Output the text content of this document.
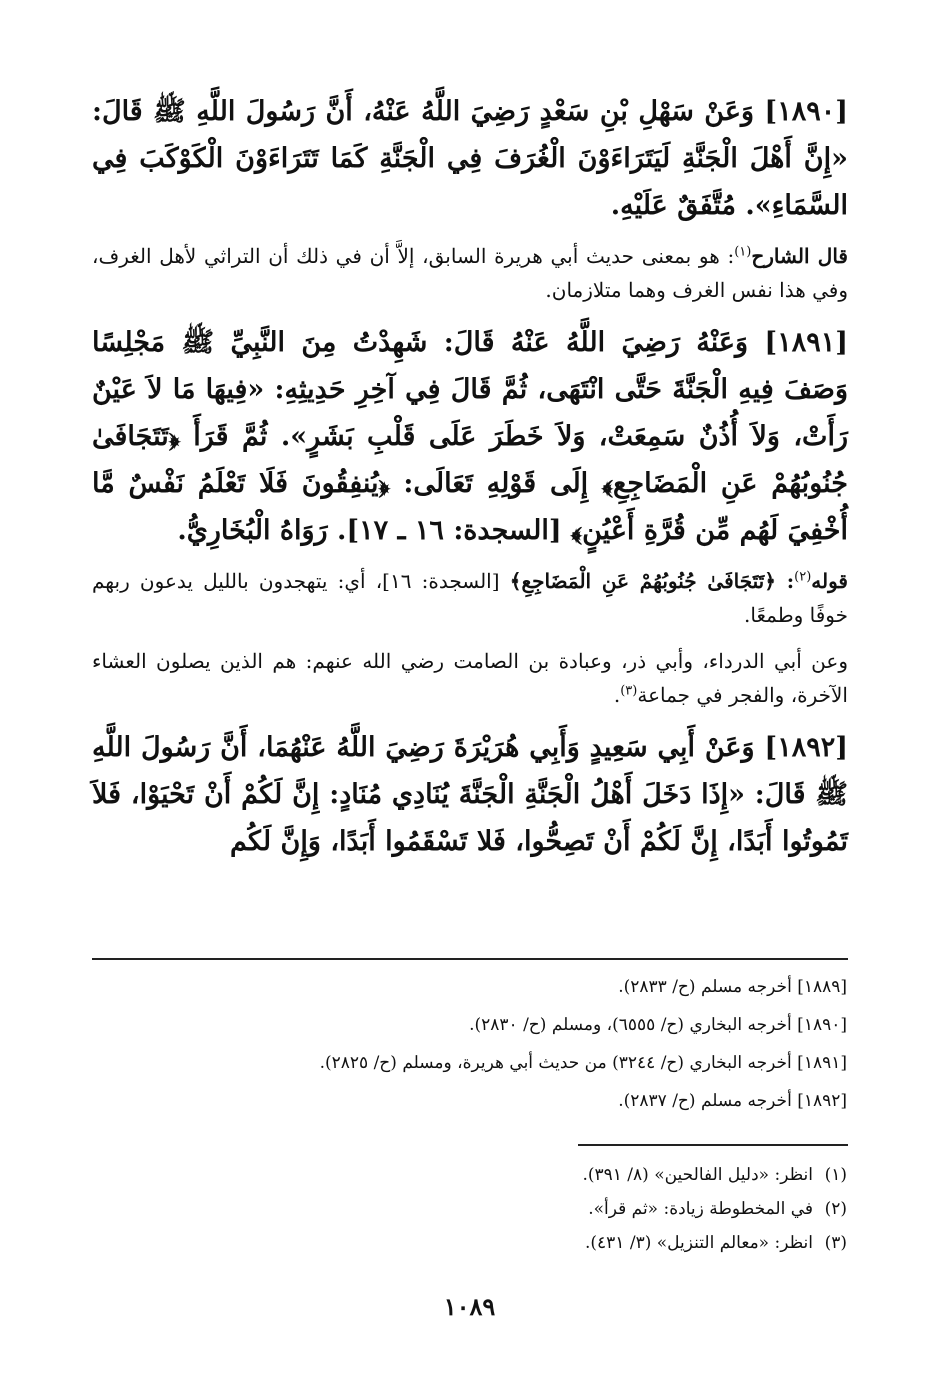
[١٨٩٠] وَعَنْ سَهْلِ بْنِ سَعْدٍ رَضِيَ اللَّهُ عَنْهُ، أَنَّ رَسُولَ اللَّهِ ﷺ قَالَ: «إِنَّ أَهْلَ الْجَنَّةِ لَيَتَرَاءَوْنَ الْغُرَفَ فِي الْجَنَّةِ كَمَا تَتَرَاءَوْنَ الْكَوْكَبَ فِي السَّمَاءِ». مُتَّفَقٌ عَلَيْهِ.

قال الشارح$^{(١)}$: هو بمعنى حديث أبي هريرة السابق، إلاَّ أن في ذلك أن التراثي لأهل الغرف، وفي هذا نفس الغرف وهما متلازمان.

[١٨٩١] وَعَنْهُ رَضِيَ اللَّهُ عَنْهُ قَالَ: شَهِدْتُ مِنَ النَّبِيِّ ﷺ مَجْلِسًا وَصَفَ فِيهِ الْجَنَّةَ حَتَّى انْتَهَى، ثُمَّ قَالَ فِي آخِرِ حَدِيثِهِ: «فِيهَا مَا لاَ عَيْنٌ رَأَتْ، وَلاَ أُذُنٌ سَمِعَتْ، وَلاَ خَطَرَ عَلَى قَلْبِ بَشَرٍ». ثُمَّ قَرَأَ ﴿تَتَجَافَىٰ جُنُوبُهُمْ عَنِ الْمَضَاجِعِ﴾ إِلَى قَوْلِهِ تَعَالَى: ﴿يُنفِقُونَ فَلَا تَعْلَمُ نَفْسٌ مَّا أُخْفِيَ لَهُم مِّن قُرَّةِ أَعْيُنٍ﴾ [السجدة: ١٦ ـ ١٧]. رَوَاهُ الْبُخَارِيُّ.

قوله$^{(٢)}$: ﴿تَتَجَافَىٰ جُنُوبُهُمْ عَنِ الْمَضَاجِعِ﴾ [السجدة: ١٦]، أي: يتهجدون بالليل يدعون ربهم خوفًا وطمعًا.

وعن أبي الدرداء، وأبي ذر، وعبادة بن الصامت رضي الله عنهم: هم الذين يصلون العشاء الآخرة، والفجر في جماعة$^{(٣)}$.

[١٨٩٢] وَعَنْ أَبِي سَعِيدٍ وَأَبِي هُرَيْرَةَ رَضِيَ اللَّهُ عَنْهُمَا، أَنَّ رَسُولَ اللَّهِ ﷺ قَالَ: «إِذَا دَخَلَ أَهْلُ الْجَنَّةِ الْجَنَّةَ يُنَادِي مُنَادٍ: إِنَّ لَكُمْ أَنْ تَحْيَوْا، فَلاَ تَمُوتُوا أَبَدًا، إِنَّ لَكُمْ أَنْ تَصِحُّوا، فَلا تَسْقَمُوا أَبَدًا، وَإِنَّ لَكُم

[١٨٨٩] أخرجه مسلم (ح/ ٢٨٣٣).

[١٨٩٠] أخرجه البخاري (ح/ ٦٥٥٥)، ومسلم (ح/ ٢٨٣٠).

[١٨٩١] أخرجه البخاري (ح/ ٣٢٤٤) من حديث أبي هريرة، ومسلم (ح/ ٢٨٢٥).

[١٨٩٢] أخرجه مسلم (ح/ ٢٨٣٧).

(١)انظر: «دليل الفالحين» (٨/ ٣٩١).

(٢)في المخطوطة زيادة: «ثم قرأ».

(٣)انظر: «معالم التنزيل» (٣/ ٤٣١).

١٠٨٩
